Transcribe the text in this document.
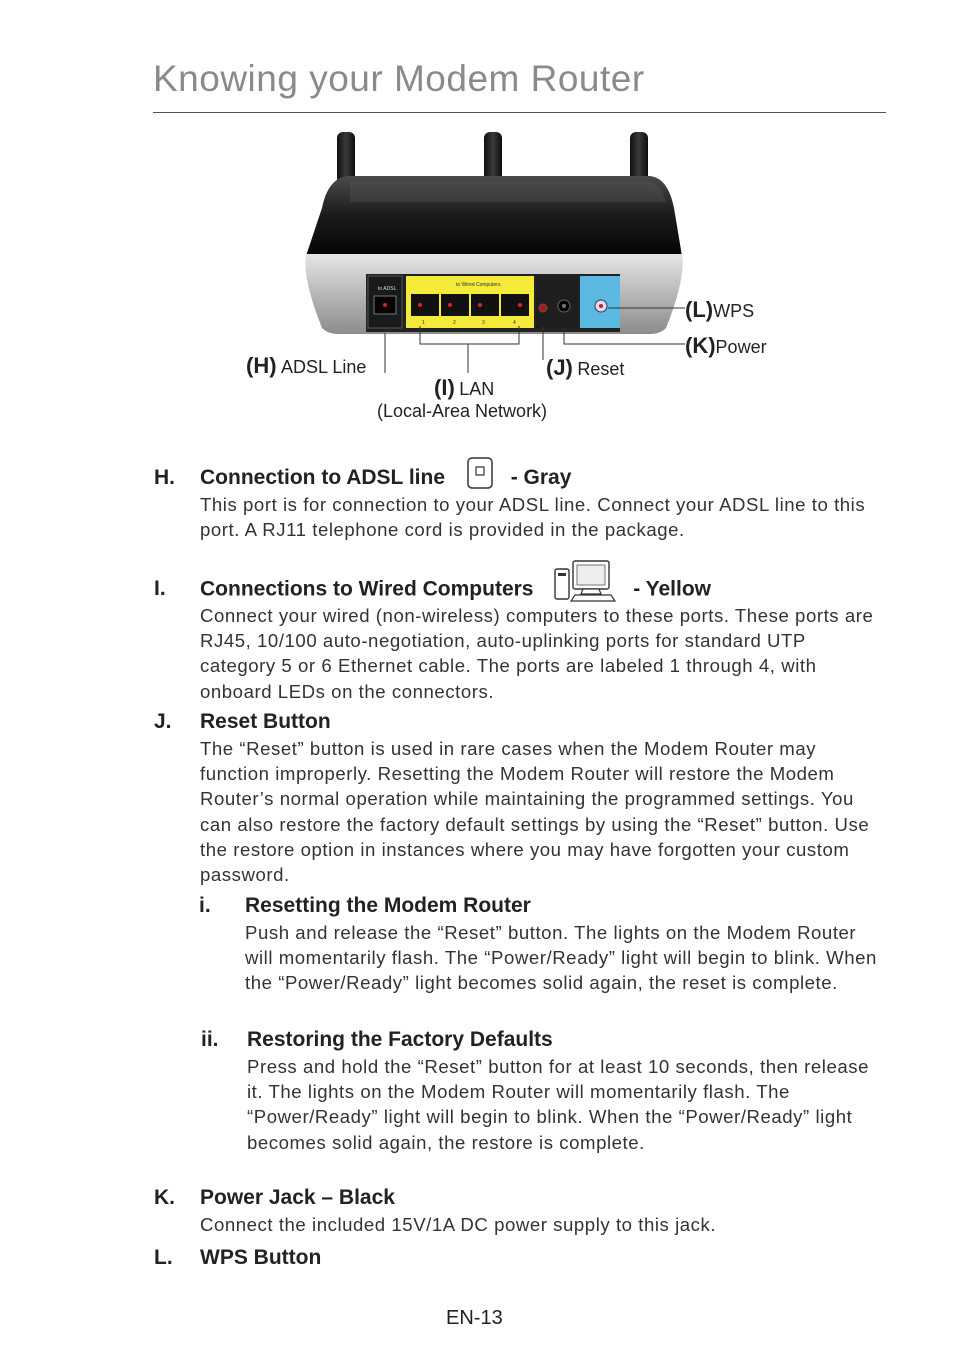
Knowing your Modem Router
to ADSL
to Wired Computers
1	2	3	4
(H) ADSL Line
(I) LAN
(Local-Area Network)
(J) Reset
(L)WPS
(K)Power
H. Connection to ADSL line	- Gray
This port is for connection to your ADSL line. Connect your ADSL line to this port. A RJ11 telephone cord is provided in the package.
I. Connections to Wired Computers	- Yellow
Connect your wired (non-wireless) computers to these ports. These ports are RJ45, 10/100 auto-negotiation, auto-uplinking ports for standard UTP category 5 or 6 Ethernet cable. The ports are labeled 1 through 4, with onboard LEDs on the connectors.
J. Reset Button
The “Reset” button is used in rare cases when the Modem Router may function improperly. Resetting the Modem Router will restore the Modem Router’s normal operation while maintaining the programmed settings. You can also restore the factory default settings by using the “Reset” button. Use the restore option in instances where you may have forgotten your custom password.
i. Resetting the Modem Router
Push and release the “Reset” button. The lights on the Modem Router will momentarily flash. The “Power/Ready” light will begin to blink. When the “Power/Ready” light becomes solid again, the reset is complete.
ii. Restoring the Factory Defaults
Press and hold the “Reset” button for at least 10 seconds, then release it. The lights on the Modem Router will momentarily flash. The “Power/Ready” light will begin to blink. When the “Power/Ready” light becomes solid again, the restore is complete.
K. Power Jack – Black
Connect the included 15V/1A DC power supply to this jack.
L. WPS Button
EN-13
